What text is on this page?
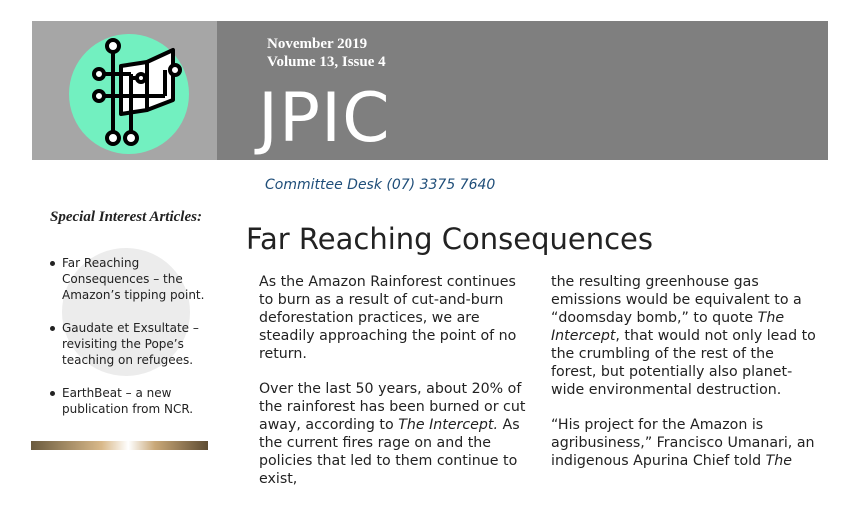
November 2019
Volume 13, Issue 4
JPIC
Committee Desk (07) 3375 7640
Special Interest Articles:
Far Reaching Consequences – the Amazon’s tipping point.
Gaudate et Exsultate – revisiting the Pope’s teaching on refugees.
EarthBeat – a new publication from NCR.
Far Reaching Consequences

As the Amazon Rainforest continues to burn as a result of cut-and-burn deforestation practices, we are steadily approaching the point of no return.

Over the last 50 years, about 20% of the rainforest has been burned or cut away, according to The Intercept. As the current fires rage on and the policies that led to them continue to exist,

the resulting greenhouse gas emissions would be equivalent to a “doomsday bomb,” to quote The Intercept, that would not only lead to the crumbling of the rest of the forest, but potentially also planet-wide environmental destruction.

“His project for the Amazon is agribusiness,” Francisco Umanari, an indigenous Apurina Chief told The
